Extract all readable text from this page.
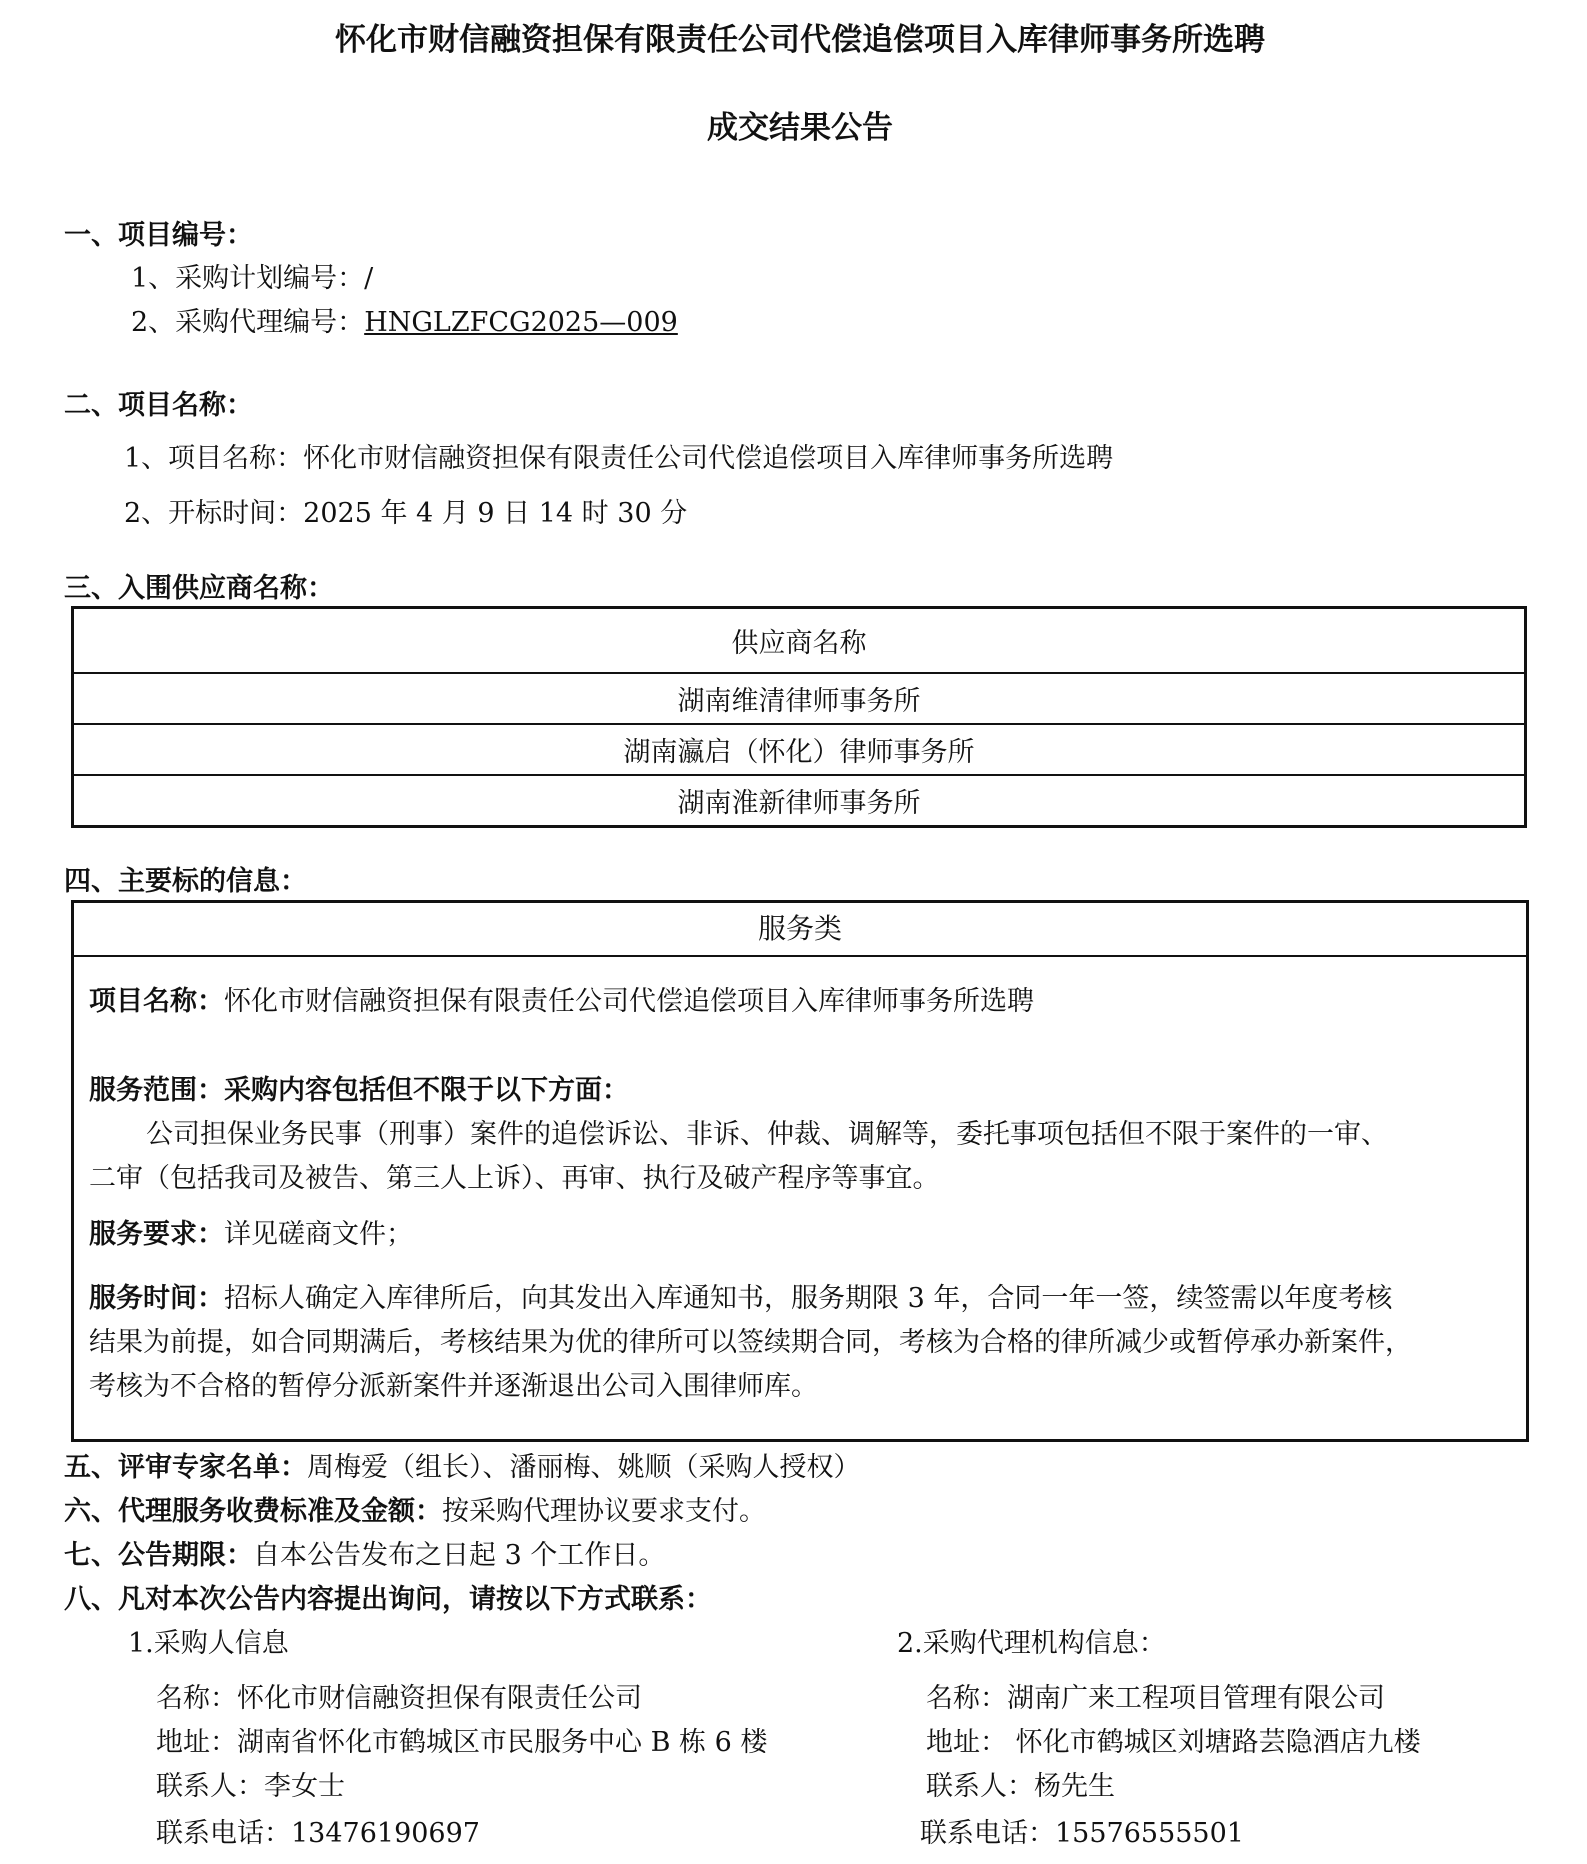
怀化市财信融资担保有限责任公司代偿追偿项目入库律师事务所选聘
成交结果公告
一、项目编号：
1、采购计划编号：/
2、采购代理编号：HNGLZFCG2025—009
二、项目名称：
1、项目名称：怀化市财信融资担保有限责任公司代偿追偿项目入库律师事务所选聘
2、开标时间：2025 年 4 月 9 日 14 时 30 分
三、入围供应商名称：
供应商名称
湖南维清律师事务所
湖南瀛启（怀化）律师事务所
湖南淮新律师事务所
四、主要标的信息：
服务类
项目名称：怀化市财信融资担保有限责任公司代偿追偿项目入库律师事务所选聘
服务范围：采购内容包括但不限于以下方面：
公司担保业务民事（刑事）案件的追偿诉讼、非诉、仲裁、调解等，委托事项包括但不限于案件的一审、
二审（包括我司及被告、第三人上诉）、再审、执行及破产程序等事宜。
服务要求：详见磋商文件；
服务时间：招标人确定入库律所后，向其发出入库通知书，服务期限 3 年，合同一年一签，续签需以年度考核
结果为前提，如合同期满后，考核结果为优的律所可以签续期合同，考核为合格的律所减少或暂停承办新案件，
考核为不合格的暂停分派新案件并逐渐退出公司入围律师库。
五、评审专家名单：周梅爱（组长）、潘丽梅、姚顺（采购人授权）
六、代理服务收费标准及金额：按采购代理协议要求支付。
七、公告期限：自本公告发布之日起 3 个工作日。
八、凡对本次公告内容提出询问，请按以下方式联系：
1.采购人信息
名称：怀化市财信融资担保有限责任公司
地址：湖南省怀化市鹤城区市民服务中心 B 栋 6 楼
联系人：李女士
联系电话：13476190697
2.采购代理机构信息：
名称：湖南广来工程项目管理有限公司
地址： 怀化市鹤城区刘塘路芸隐酒店九楼
联系人：杨先生
联系电话：15576555501
